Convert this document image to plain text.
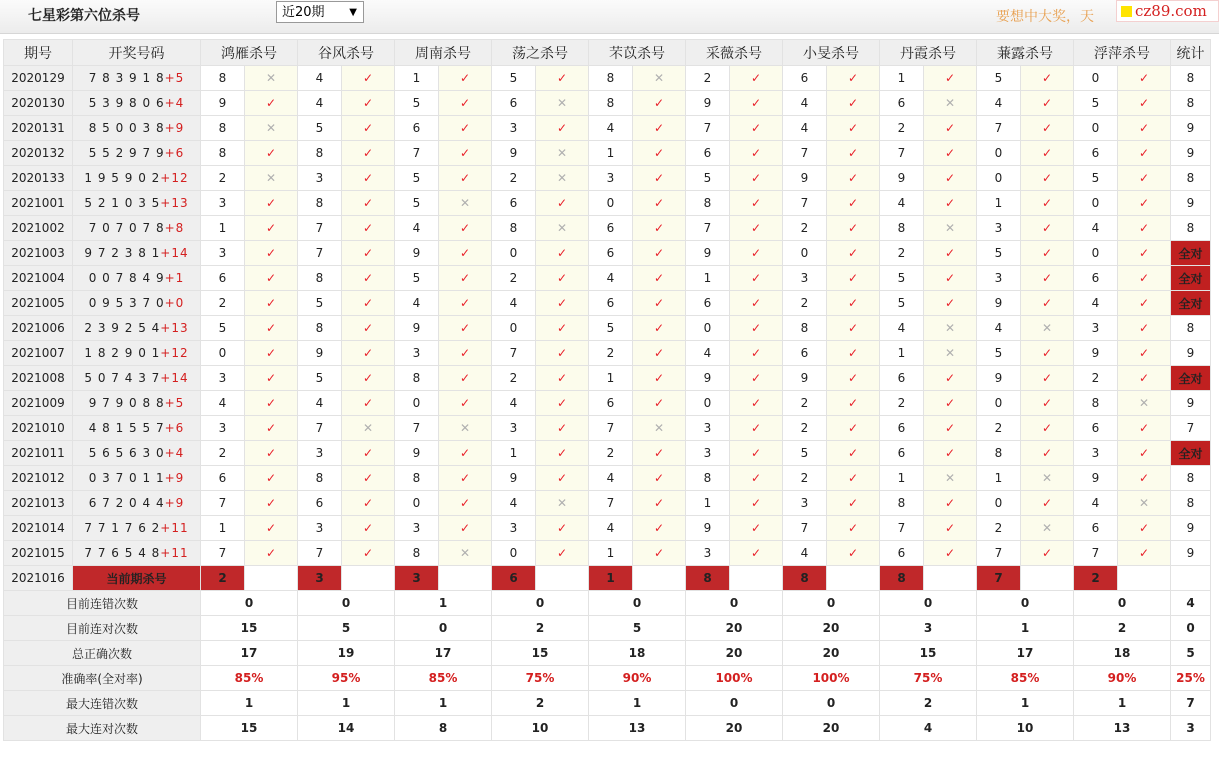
七星彩第六位杀号	近20期 ▼	要想中大奖，天	cz89.com
期号	开奖号码	鸿雁杀号		谷风杀号		周南杀号		荡之杀号		芣苡杀号		采薇杀号		小旻杀号		丹霞杀号		蒹露杀号		浮萍杀号		统计
2020129	7 8 3 9 1 8+5	8	✕	4	✓	1	✓	5	✓	8	✕	2	✓	6	✓	1	✓	5	✓	0	✓	8
2020130	5 3 9 8 0 6+4	9	✓	4	✓	5	✓	6	✕	8	✓	9	✓	4	✓	6	✕	4	✓	5	✓	8
2020131	8 5 0 0 3 8+9	8	✕	5	✓	6	✓	3	✓	4	✓	7	✓	4	✓	2	✓	7	✓	0	✓	9
2020132	5 5 2 9 7 9+6	8	✓	8	✓	7	✓	9	✕	1	✓	6	✓	7	✓	7	✓	0	✓	6	✓	9
2020133	1 9 5 9 0 2+12	2	✕	3	✓	5	✓	2	✕	3	✓	5	✓	9	✓	9	✓	0	✓	5	✓	8
2021001	5 2 1 0 3 5+13	3	✓	8	✓	5	✕	6	✓	0	✓	8	✓	7	✓	4	✓	1	✓	0	✓	9
2021002	7 0 7 0 7 8+8	1	✓	7	✓	4	✓	8	✕	6	✓	7	✓	2	✓	8	✕	3	✓	4	✓	8
2021003	9 7 2 3 8 1+14	3	✓	7	✓	9	✓	0	✓	6	✓	9	✓	0	✓	2	✓	5	✓	0	✓	全对
2021004	0 0 7 8 4 9+1	6	✓	8	✓	5	✓	2	✓	4	✓	1	✓	3	✓	5	✓	3	✓	6	✓	全对
2021005	0 9 5 3 7 0+0	2	✓	5	✓	4	✓	4	✓	6	✓	6	✓	2	✓	5	✓	9	✓	4	✓	全对
2021006	2 3 9 2 5 4+13	5	✓	8	✓	9	✓	0	✓	5	✓	0	✓	8	✓	4	✕	4	✕	3	✓	8
2021007	1 8 2 9 0 1+12	0	✓	9	✓	3	✓	7	✓	2	✓	4	✓	6	✓	1	✕	5	✓	9	✓	9
2021008	5 0 7 4 3 7+14	3	✓	5	✓	8	✓	2	✓	1	✓	9	✓	9	✓	6	✓	9	✓	2	✓	全对
2021009	9 7 9 0 8 8+5	4	✓	4	✓	0	✓	4	✓	6	✓	0	✓	2	✓	2	✓	0	✓	8	✕	9
2021010	4 8 1 5 5 7+6	3	✓	7	✕	7	✕	3	✓	7	✕	3	✓	2	✓	6	✓	2	✓	6	✓	7
2021011	5 6 5 6 3 0+4	2	✓	3	✓	9	✓	1	✓	2	✓	3	✓	5	✓	6	✓	8	✓	3	✓	全对
2021012	0 3 7 0 1 1+9	6	✓	8	✓	8	✓	9	✓	4	✓	8	✓	2	✓	1	✕	1	✕	9	✓	8
2021013	6 7 2 0 4 4+9	7	✓	6	✓	0	✓	4	✕	7	✓	1	✓	3	✓	8	✓	0	✓	4	✕	8
2021014	7 7 1 7 6 2+11	1	✓	3	✓	3	✓	3	✓	4	✓	9	✓	7	✓	7	✓	2	✕	6	✓	9
2021015	7 7 6 5 4 8+11	7	✓	7	✓	8	✕	0	✓	1	✓	3	✓	4	✓	6	✓	7	✓	7	✓	9
2021016	当前期杀号	2		3		3		6		1		8		8		8		7		2		
目前连错次数		0		0		1		0		0		0		0		0		0		0		4
目前连对次数		15		5		0		2		5		20		20		3		1		2		0
总正确次数		17		19		17		15		18		20		20		15		17		18		5
准确率(全对率)		85%		95%		85%		75%		90%		100%		100%		75%		85%		90%		25%
最大连错次数		1		1		1		2		1		0		0		2		1		1		7
最大连对次数		15		14		8		10		13		20		20		4		10		13		3
